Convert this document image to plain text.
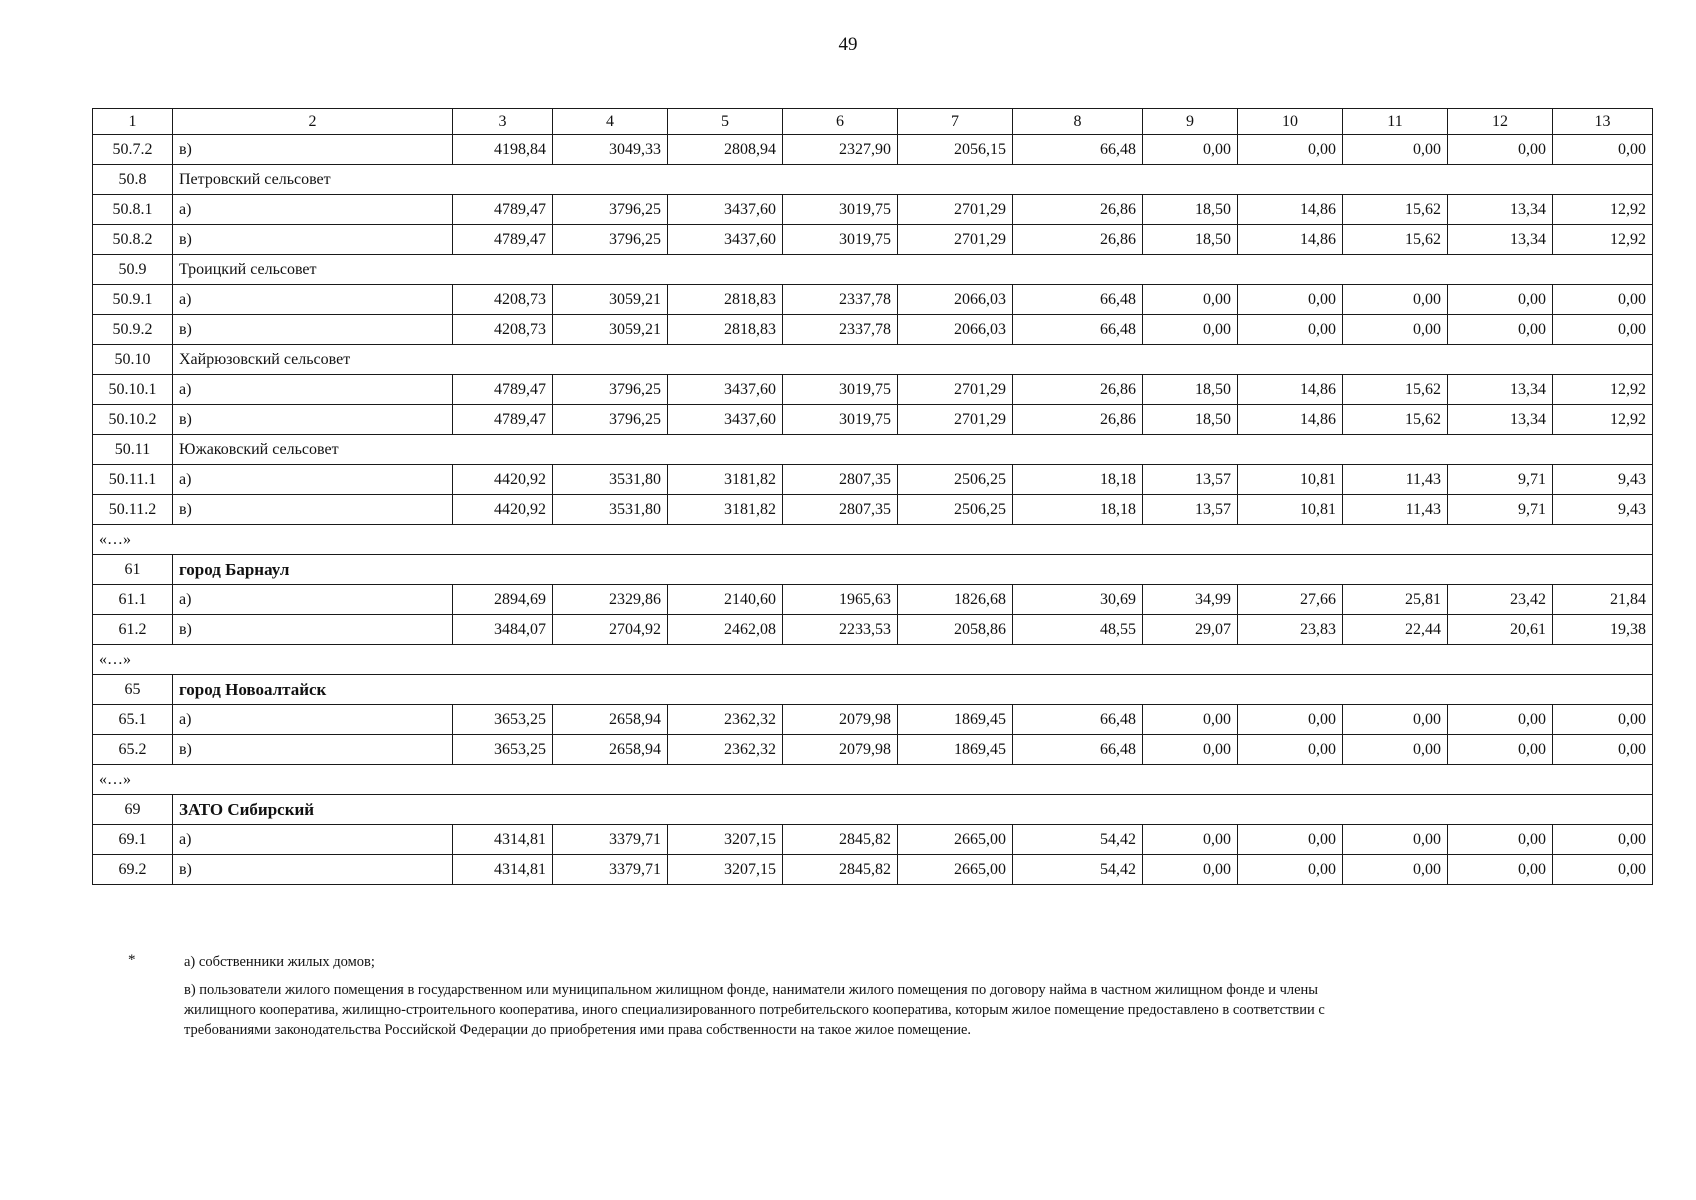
49
1	2	3	4	5	6	7	8	9	10	11	12	13
50.7.2	в)	4198,84	3049,33	2808,94	2327,90	2056,15	66,48	0,00	0,00	0,00	0,00	0,00
50.8	Петровский сельсовет											
50.8.1	а)	4789,47	3796,25	3437,60	3019,75	2701,29	26,86	18,50	14,86	15,62	13,34	12,92
50.8.2	в)	4789,47	3796,25	3437,60	3019,75	2701,29	26,86	18,50	14,86	15,62	13,34	12,92
50.9	Троицкий сельсовет											
50.9.1	а)	4208,73	3059,21	2818,83	2337,78	2066,03	66,48	0,00	0,00	0,00	0,00	0,00
50.9.2	в)	4208,73	3059,21	2818,83	2337,78	2066,03	66,48	0,00	0,00	0,00	0,00	0,00
50.10	Хайрюзовский сельсовет											
50.10.1	а)	4789,47	3796,25	3437,60	3019,75	2701,29	26,86	18,50	14,86	15,62	13,34	12,92
50.10.2	в)	4789,47	3796,25	3437,60	3019,75	2701,29	26,86	18,50	14,86	15,62	13,34	12,92
50.11	Южаковский сельсовет											
50.11.1	а)	4420,92	3531,80	3181,82	2807,35	2506,25	18,18	13,57	10,81	11,43	9,71	9,43
50.11.2	в)	4420,92	3531,80	3181,82	2807,35	2506,25	18,18	13,57	10,81	11,43	9,71	9,43
«…»												
61	город Барнаул											
61.1	а)	2894,69	2329,86	2140,60	1965,63	1826,68	30,69	34,99	27,66	25,81	23,42	21,84
61.2	в)	3484,07	2704,92	2462,08	2233,53	2058,86	48,55	29,07	23,83	22,44	20,61	19,38
«…»												
65	город Новоалтайск											
65.1	а)	3653,25	2658,94	2362,32	2079,98	1869,45	66,48	0,00	0,00	0,00	0,00	0,00
65.2	в)	3653,25	2658,94	2362,32	2079,98	1869,45	66,48	0,00	0,00	0,00	0,00	0,00
«…»												
69	ЗАТО Сибирский											
69.1	а)	4314,81	3379,71	3207,15	2845,82	2665,00	54,42	0,00	0,00	0,00	0,00	0,00
69.2	в)	4314,81	3379,71	3207,15	2845,82	2665,00	54,42	0,00	0,00	0,00	0,00	0,00
*	а) собственники жилых домов;
в) пользователи жилого помещения в государственном или муниципальном жилищном фонде, наниматели жилого помещения по договору найма в частном жилищном фонде и члены
жилищного кооператива, жилищно-строительного кооператива, иного специализированного потребительского кооператива, которым жилое помещение предоставлено в соответствии с
требованиями законодательства Российской Федерации до приобретения ими права собственности на такое жилое помещение.
